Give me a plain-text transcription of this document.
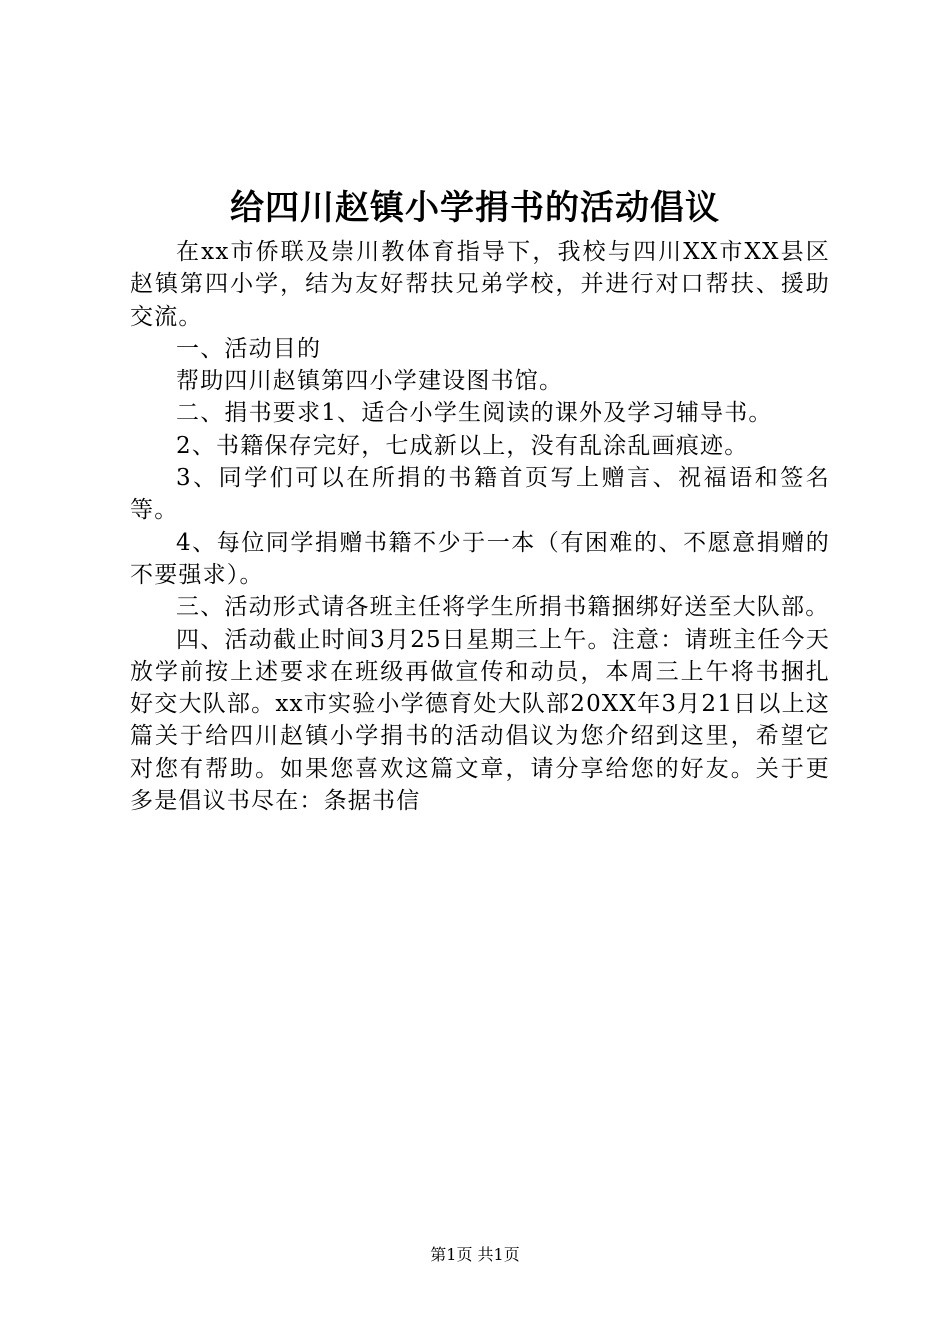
给四川赵镇小学捐书的活动倡议

在xx市侨联及崇川教体育指导下，我校与四川XX市XX县区赵镇第四小学，结为友好帮扶兄弟学校，并进行对口帮扶、援助交流。

一、活动目的

帮助四川赵镇第四小学建设图书馆。

二、捐书要求1、适合小学生阅读的课外及学习辅导书。

2、书籍保存完好，七成新以上，没有乱涂乱画痕迹。

3、同学们可以在所捐的书籍首页写上赠言、祝福语和签名等。

4、每位同学捐赠书籍不少于一本（有困难的、不愿意捐赠的不要强求）。

三、活动形式请各班主任将学生所捐书籍捆绑好送至大队部。

四、活动截止时间3月25日星期三上午。注意：请班主任今天放学前按上述要求在班级再做宣传和动员，本周三上午将书捆扎好交大队部。xx市实验小学德育处大队部20XX年3月21日以上这篇关于给四川赵镇小学捐书的活动倡议为您介绍到这里，希望它对您有帮助。如果您喜欢这篇文章，请分享给您的好友。关于更多是倡议书尽在：条据书信

第1页 共1页
